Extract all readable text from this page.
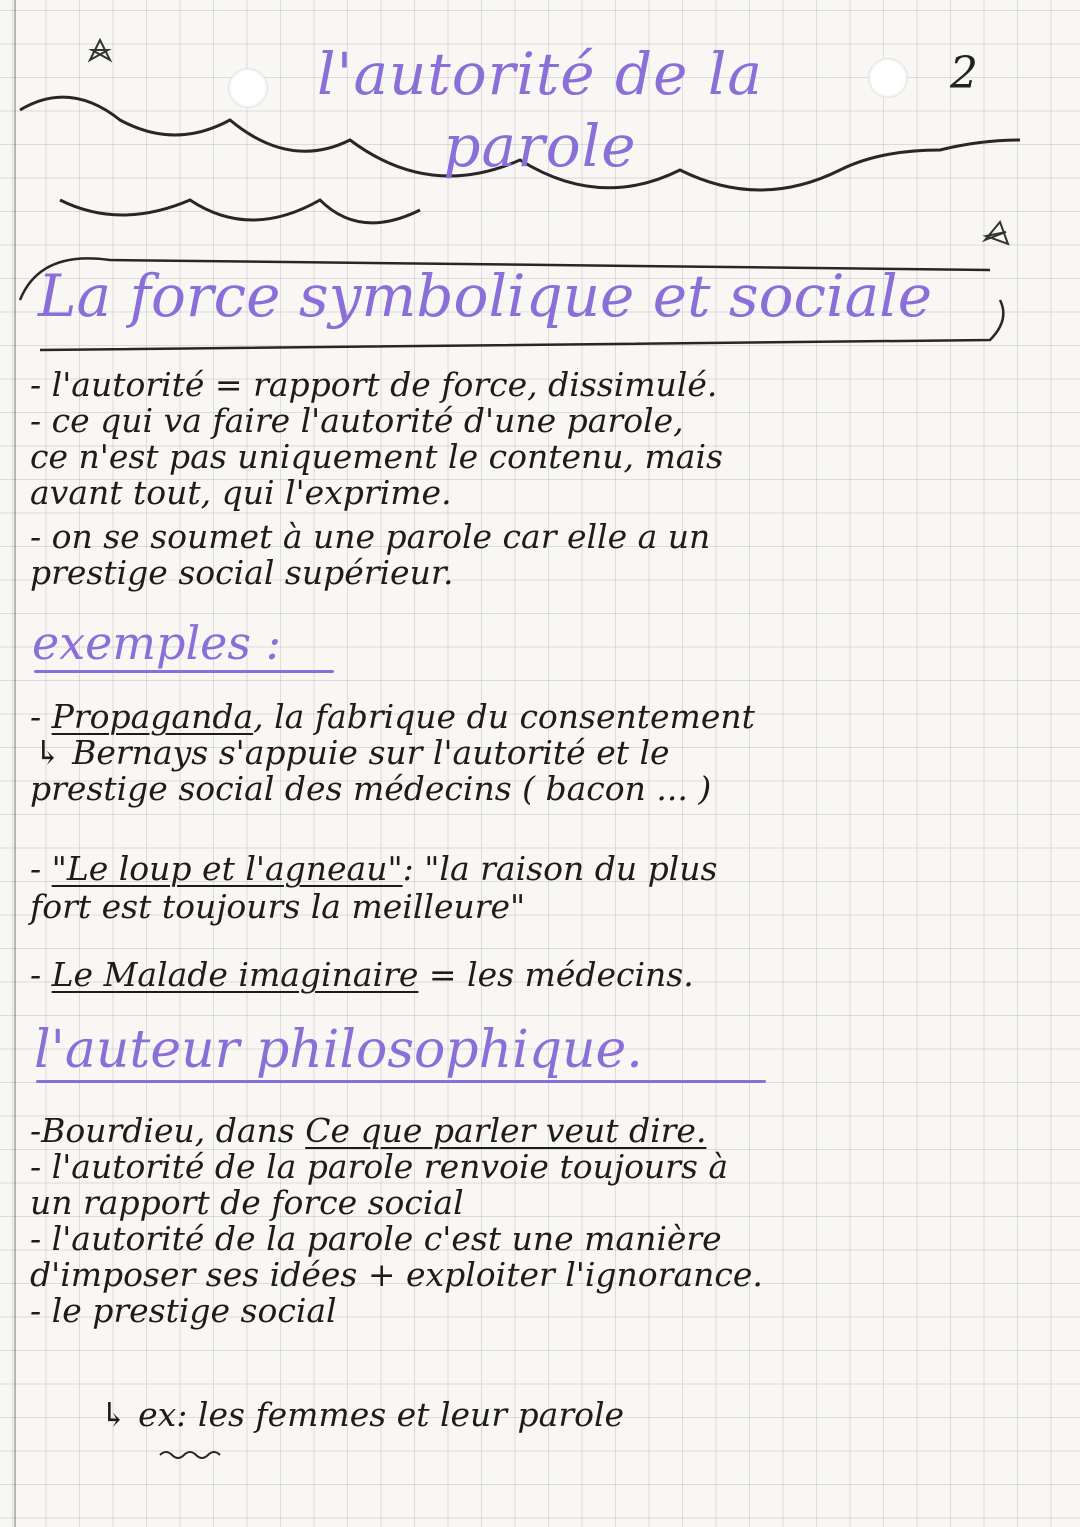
l'autorité de la
parole
2
La force symbolique et sociale
- l'autorité = rapport de force, dissimulé.
- ce qui va faire l'autorité d'une parole,
ce n'est pas uniquement le contenu, mais
avant tout, qui l'exprime.
- on se soumet à une parole car elle a un
prestige social supérieur.
exemples :
- Propaganda, la fabrique du consentement
↳ Bernays s'appuie sur l'autorité et le
prestige social des médecins ( bacon ... )
- "Le loup et l'agneau": "la raison du plus
fort est toujours la meilleure"
- Le Malade imaginaire = les médecins.
l'auteur philosophique.
-Bourdieu, dans Ce que parler veut dire.
- l'autorité de la parole renvoie toujours à
un rapport de force social
- l'autorité de la parole c'est une manière
d'imposer ses idées + exploiter l'ignorance.
- le prestige social
↳ ex: les femmes et leur parole
